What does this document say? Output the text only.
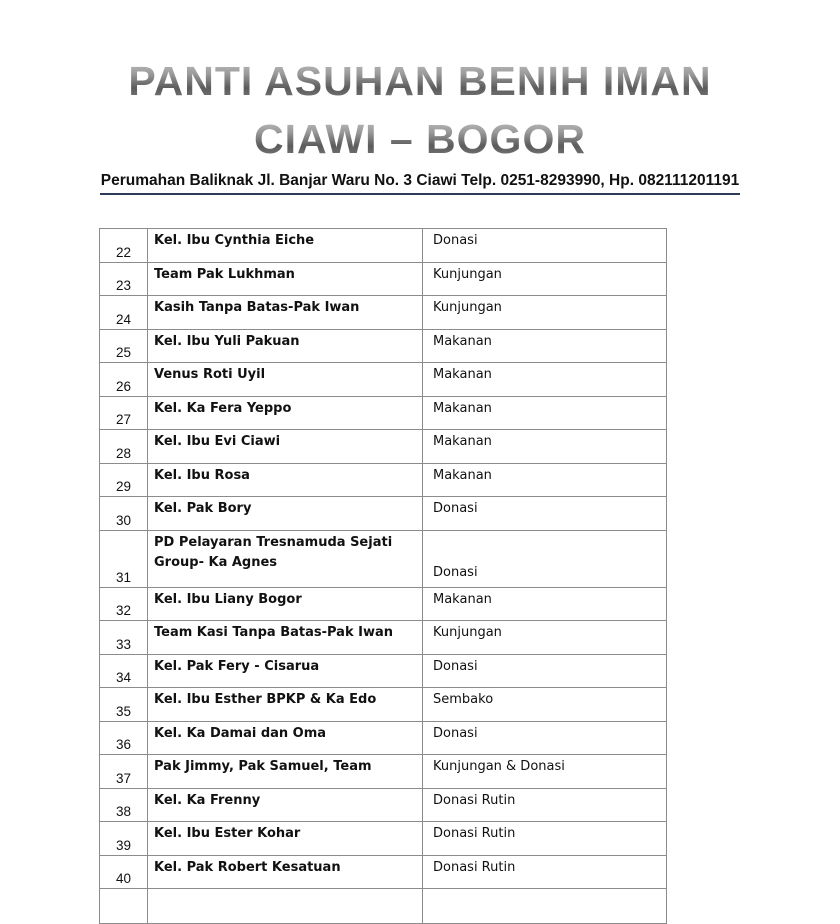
PANTI ASUHAN BENIH IMAN
CIAWI – BOGOR
Perumahan Baliknak Jl. Banjar Waru No. 3 Ciawi Telp. 0251-8293990, Hp. 082111201191
22	Kel. Ibu Cynthia Eiche	Donasi
23	Team Pak Lukhman	Kunjungan
24	Kasih Tanpa Batas-Pak Iwan	Kunjungan
25	Kel. Ibu Yuli Pakuan	Makanan
26	Venus Roti Uyil	Makanan
27	Kel. Ka Fera Yeppo	Makanan
28	Kel. Ibu Evi Ciawi	Makanan
29	Kel. Ibu Rosa	Makanan
30	Kel. Pak Bory	Donasi
31	PD Pelayaran Tresnamuda Sejati Group- Ka Agnes	Donasi
32	Kel. Ibu Liany Bogor	Makanan
33	Team Kasi Tanpa Batas-Pak Iwan	Kunjungan
34	Kel. Pak Fery - Cisarua	Donasi
35	Kel. Ibu Esther BPKP & Ka Edo	Sembako
36	Kel. Ka Damai dan Oma	Donasi
37	Pak Jimmy, Pak Samuel, Team	Kunjungan & Donasi
38	Kel. Ka Frenny	Donasi Rutin
39	Kel. Ibu Ester Kohar	Donasi Rutin
40	Kel. Pak Robert Kesatuan	Donasi Rutin
